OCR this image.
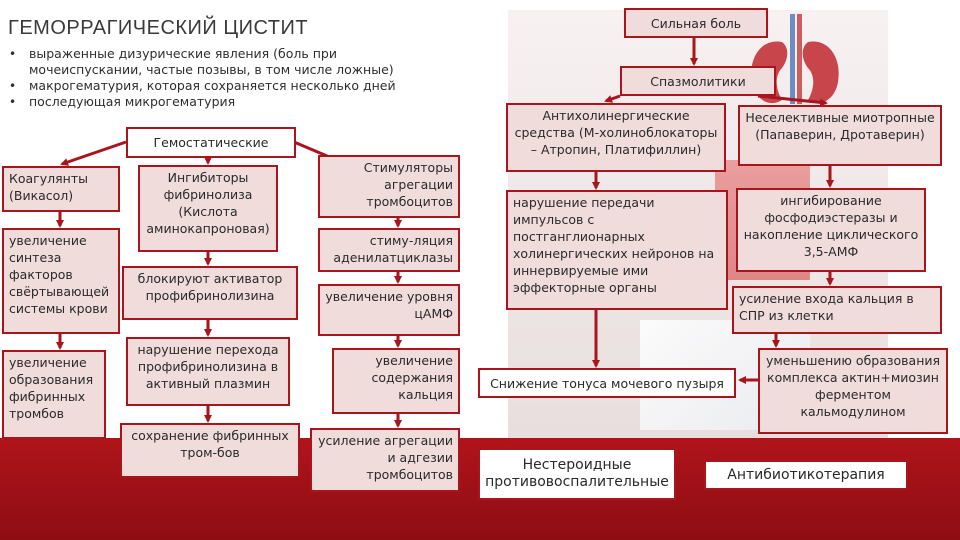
ГЕМОРРАГИЧЕСКИЙ ЦИСТИТ
• выраженные дизурические явления (боль при мочеиспускании, частые позывы, в том числе ложные)
• макрогематурия, которая сохраняется несколько дней
• последующая микрогематурия
Гемостатические
Коагулянты (Викасол)
увеличение синтеза факторов свёртывающей системы крови
увеличение образования фибринных тромбов
Ингибиторы фибринолиза (Кислота аминокапроновая)
блокируют активатор профибринолизина
нарушение перехода профибринолизина в активный плазмин
сохранение фибринных тром-бов
Стимуляторы агрегации тромбоцитов
стиму-ляция аденилатциклазы
увеличение уровня цАМФ
увеличение содержания кальция
усиление агрегации и адгезии тромбоцитов
Сильная боль
Спазмолитики
Антихолинергические средства (М-холиноблокаторы – Атропин, Платифиллин)
Неселективные миотропные (Папаверин, Дротаверин)
нарушение передачи импульсов с постганглионарных холинергических нейронов на иннервируемые ими эффекторные органы
ингибирование фосфодиэстеразы и накопление циклического 3,5-АМФ
усиление входа кальция в СПР из клетки
Снижение тонуса мочевого пузыря
уменьшению образования комплекса актин+миозин ферментом кальмодулином
Нестероидные противовоспалительные	Антибиотикотерапия
